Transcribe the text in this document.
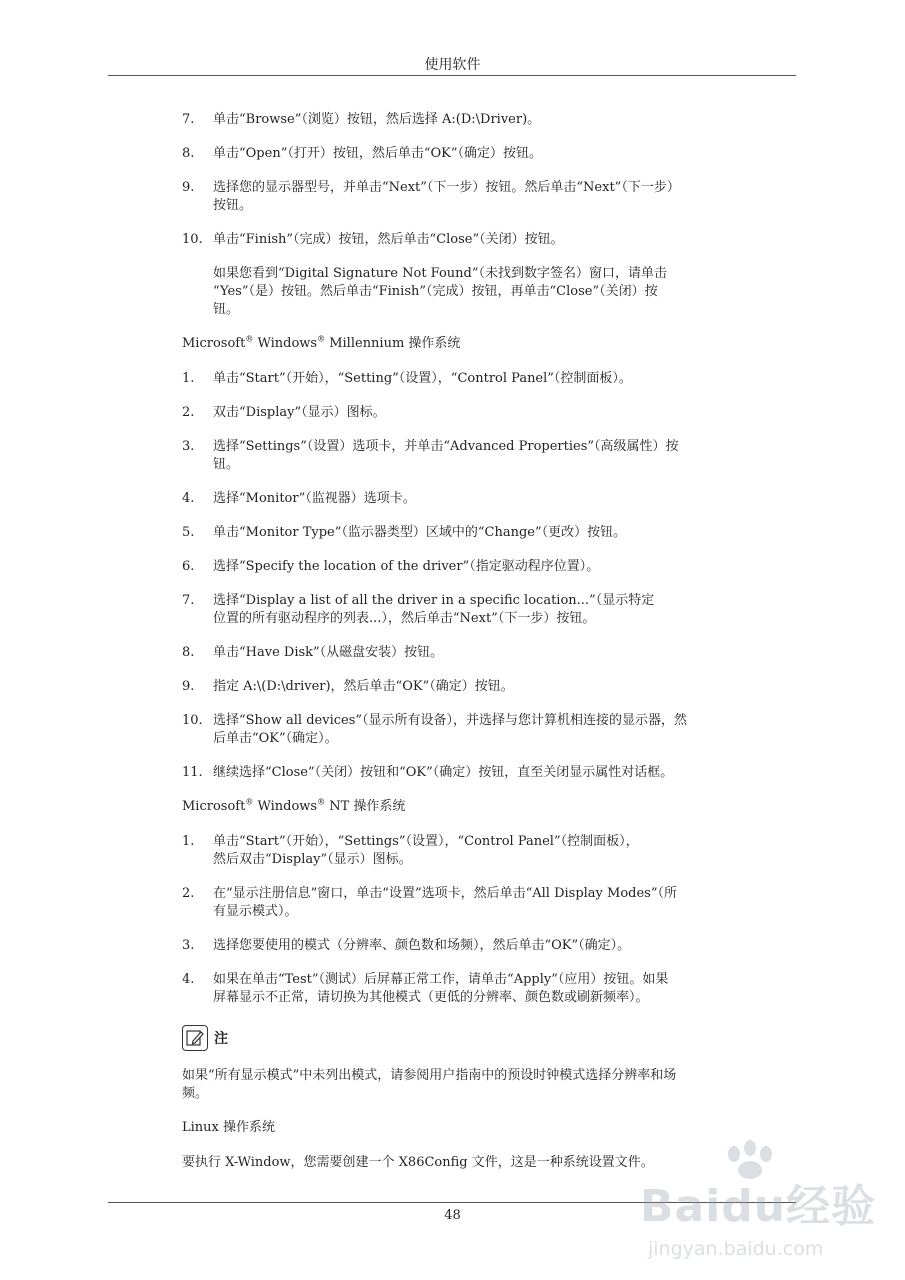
使用软件
7. 单击“Browse”（浏览）按钮，然后选择 A:(D:\Driver)。
8. 单击“Open”（打开）按钮，然后单击“OK”（确定）按钮。
9. 选择您的显示器型号，并单击“Next”（下一步）按钮。然后单击“Next”（下一步）
按钮。
10. 单击“Finish”（完成）按钮，然后单击“Close”（关闭）按钮。
如果您看到“Digital Signature Not Found”（未找到数字签名）窗口，请单击
“Yes”（是）按钮。然后单击“Finish”（完成）按钮，再单击“Close”（关闭）按
钮。
Microsoft® Windows® Millennium 操作系统
1. 单击“Start”（开始），“Setting”（设置），“Control Panel”（控制面板）。
2. 双击“Display”（显示）图标。
3. 选择“Settings”（设置）选项卡，并单击“Advanced Properties”（高级属性）按
钮。
4. 选择“Monitor”（监视器）选项卡。
5. 单击“Monitor Type”（监示器类型）区域中的“Change”（更改）按钮。
6. 选择“Specify the location of the driver”（指定驱动程序位置）。
7. 选择“Display a list of all the driver in a specific location...”（显示特定
位置的所有驱动程序的列表...），然后单击“Next”（下一步）按钮。
8. 单击“Have Disk”（从磁盘安装）按钮。
9. 指定 A:\(D:\driver)，然后单击“OK”（确定）按钮。
10. 选择“Show all devices”（显示所有设备），并选择与您计算机相连接的显示器，然
后单击“OK”（确定）。
11. 继续选择“Close”（关闭）按钮和“OK”（确定）按钮，直至关闭显示属性对话框。
Microsoft® Windows® NT 操作系统
1. 单击“Start”（开始），“Settings”（设置），“Control Panel”（控制面板），
然后双击“Display”（显示）图标。
2. 在“显示注册信息”窗口，单击“设置”选项卡，然后单击“All Display Modes”（所
有显示模式）。
3. 选择您要使用的模式（分辨率、颜色数和场频），然后单击“OK”（确定）。
4. 如果在单击“Test”（测试）后屏幕正常工作，请单击“Apply”（应用）按钮。如果
屏幕显示不正常，请切换为其他模式（更低的分辨率、颜色数或刷新频率）。
注
如果“所有显示模式”中未列出模式，请参阅用户指南中的预设时钟模式选择分辨率和场
频。
Linux 操作系统
要执行 X-Window，您需要创建一个 X86Config 文件，这是一种系统设置文件。
48	Baidu经验
jingyan.baidu.com
